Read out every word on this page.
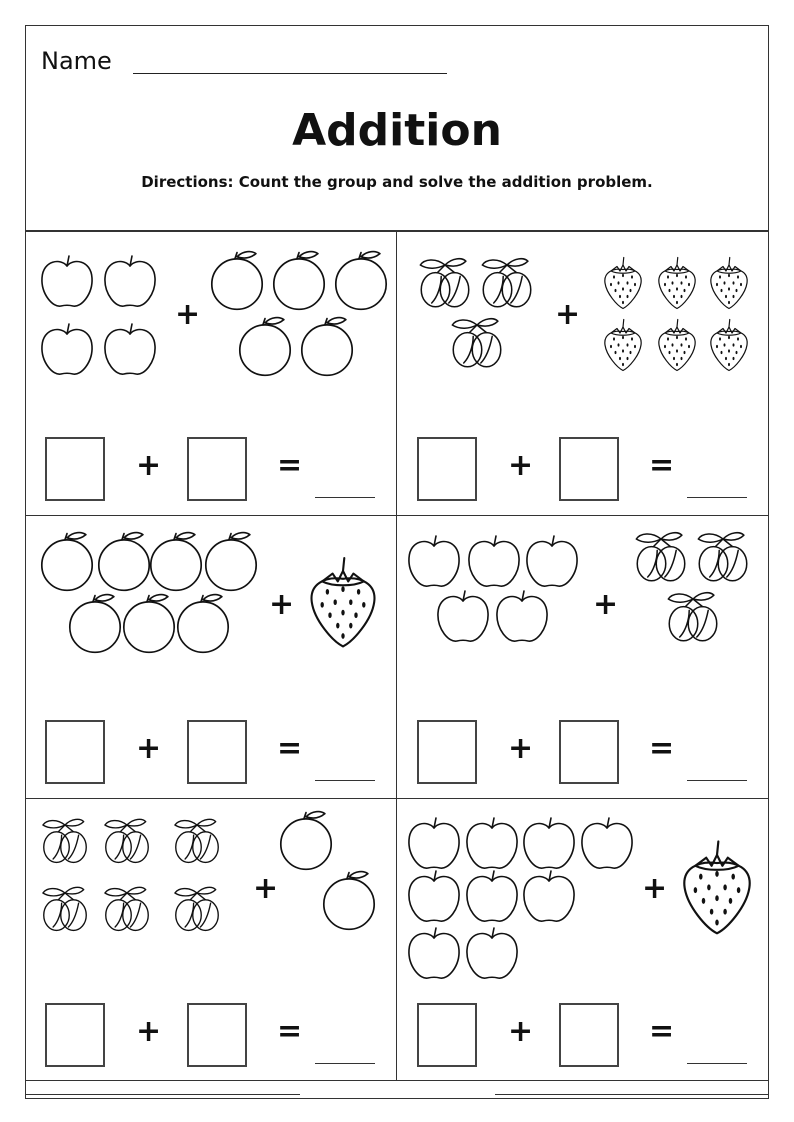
Name
Addition
Directions: Count the group and solve the addition problem.
+
+	=
+
+	=
+
+	=
+
+	=
+
+	=
+
+	=
